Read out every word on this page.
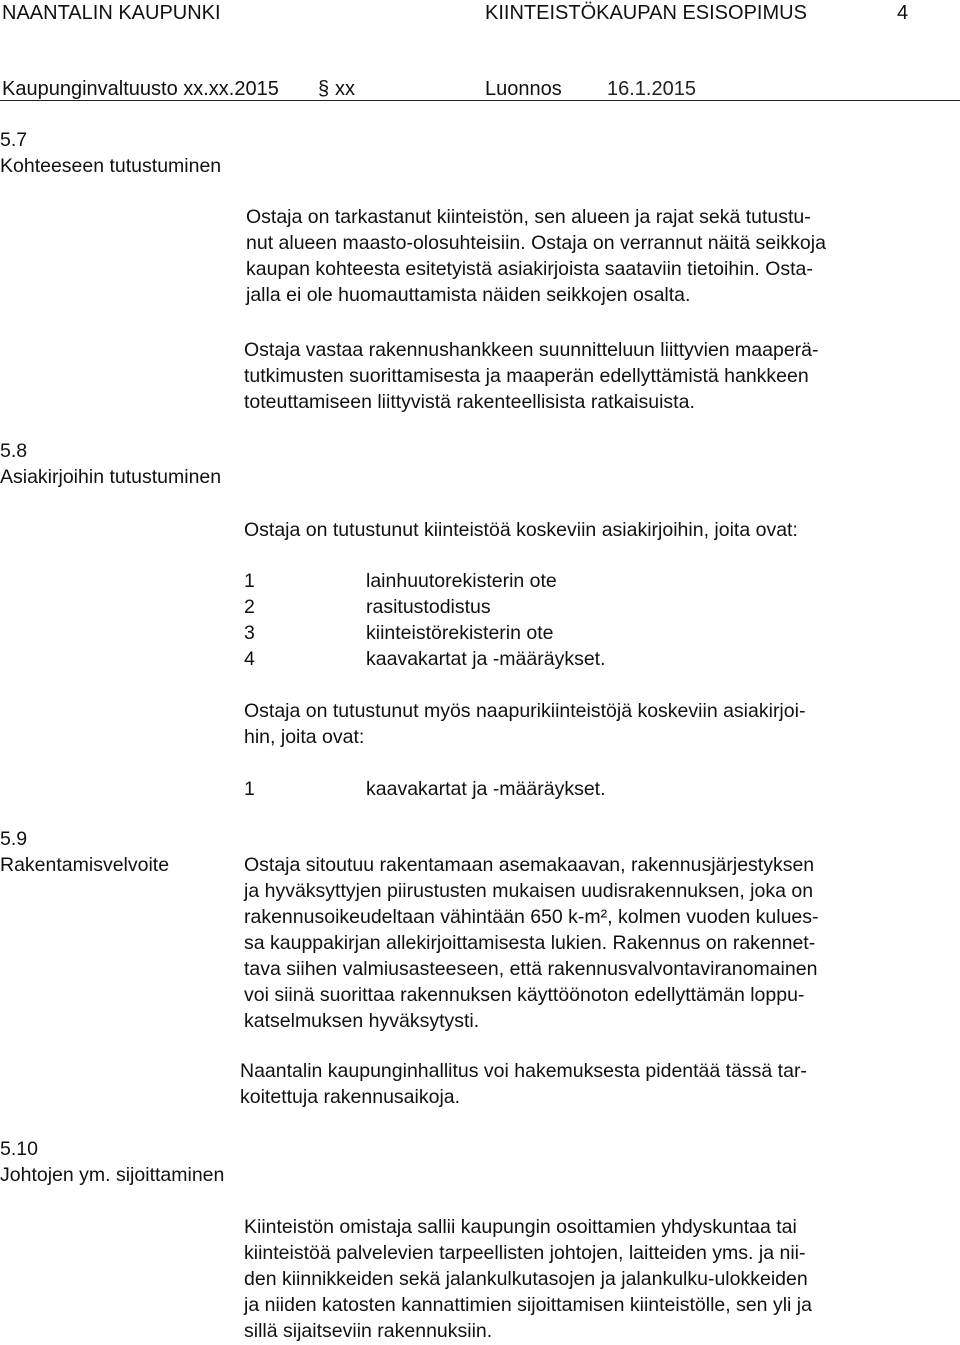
NAANTALIN KAUPUNKI	KIINTEISTÖKAUPAN ESISOPIMUS	4
Kaupunginvaltuusto xx.xx.2015 § xx	Luonnos 16.1.2015
5.7
Kohteeseen tutustuminen
Ostaja on tarkastanut kiinteistön, sen alueen ja rajat sekä tutustu-
nut alueen maasto-olosuhteisiin. Ostaja on verrannut näitä seikkoja
kaupan kohteesta esitetyistä asiakirjoista saataviin tietoihin. Osta-
jalla ei ole huomauttamista näiden seikkojen osalta.
Ostaja vastaa rakennushankkeen suunnitteluun liittyvien maaperä-
tutkimusten suorittamisesta ja maaperän edellyttämistä hankkeen
toteuttamiseen liittyvistä rakenteellisista ratkaisuista.
5.8
Asiakirjoihin tutustuminen
Ostaja on tutustunut kiinteistöä koskeviin asiakirjoihin, joita ovat:
1	lainhuutorekisterin ote
2	rasitustodistus
3	kiinteistörekisterin ote
4	kaavakartat ja -määräykset.
Ostaja on tutustunut myös naapurikiinteistöjä koskeviin asiakirjoi-
hin, joita ovat:
1	kaavakartat ja -määräykset.
5.9
Rakentamisvelvoite	Ostaja sitoutuu rakentamaan asemakaavan, rakennusjärjestyksen
ja hyväksyttyjen piirustusten mukaisen uudisrakennuksen, joka on
rakennusoikeudeltaan vähintään 650 k-m², kolmen vuoden kulues-
sa kauppakirjan allekirjoittamisesta lukien. Rakennus on rakennet-
tava siihen valmiusasteeseen, että rakennusvalvontaviranomainen
voi siinä suorittaa rakennuksen käyttöönoton edellyttämän loppu-
katselmuksen hyväksytysti.
Naantalin kaupunginhallitus voi hakemuksesta pidentää tässä tar-
koitettuja rakennusaikoja.
5.10
Johtojen ym. sijoittaminen
Kiinteistön omistaja sallii kaupungin osoittamien yhdyskuntaa tai
kiinteistöä palvelevien tarpeellisten johtojen, laitteiden yms. ja nii-
den kiinnikkeiden sekä jalankulkutasojen ja jalankulku-ulokkeiden
ja niiden katosten kannattimien sijoittamisen kiinteistölle, sen yli ja
sillä sijaitseviin rakennuksiin.
